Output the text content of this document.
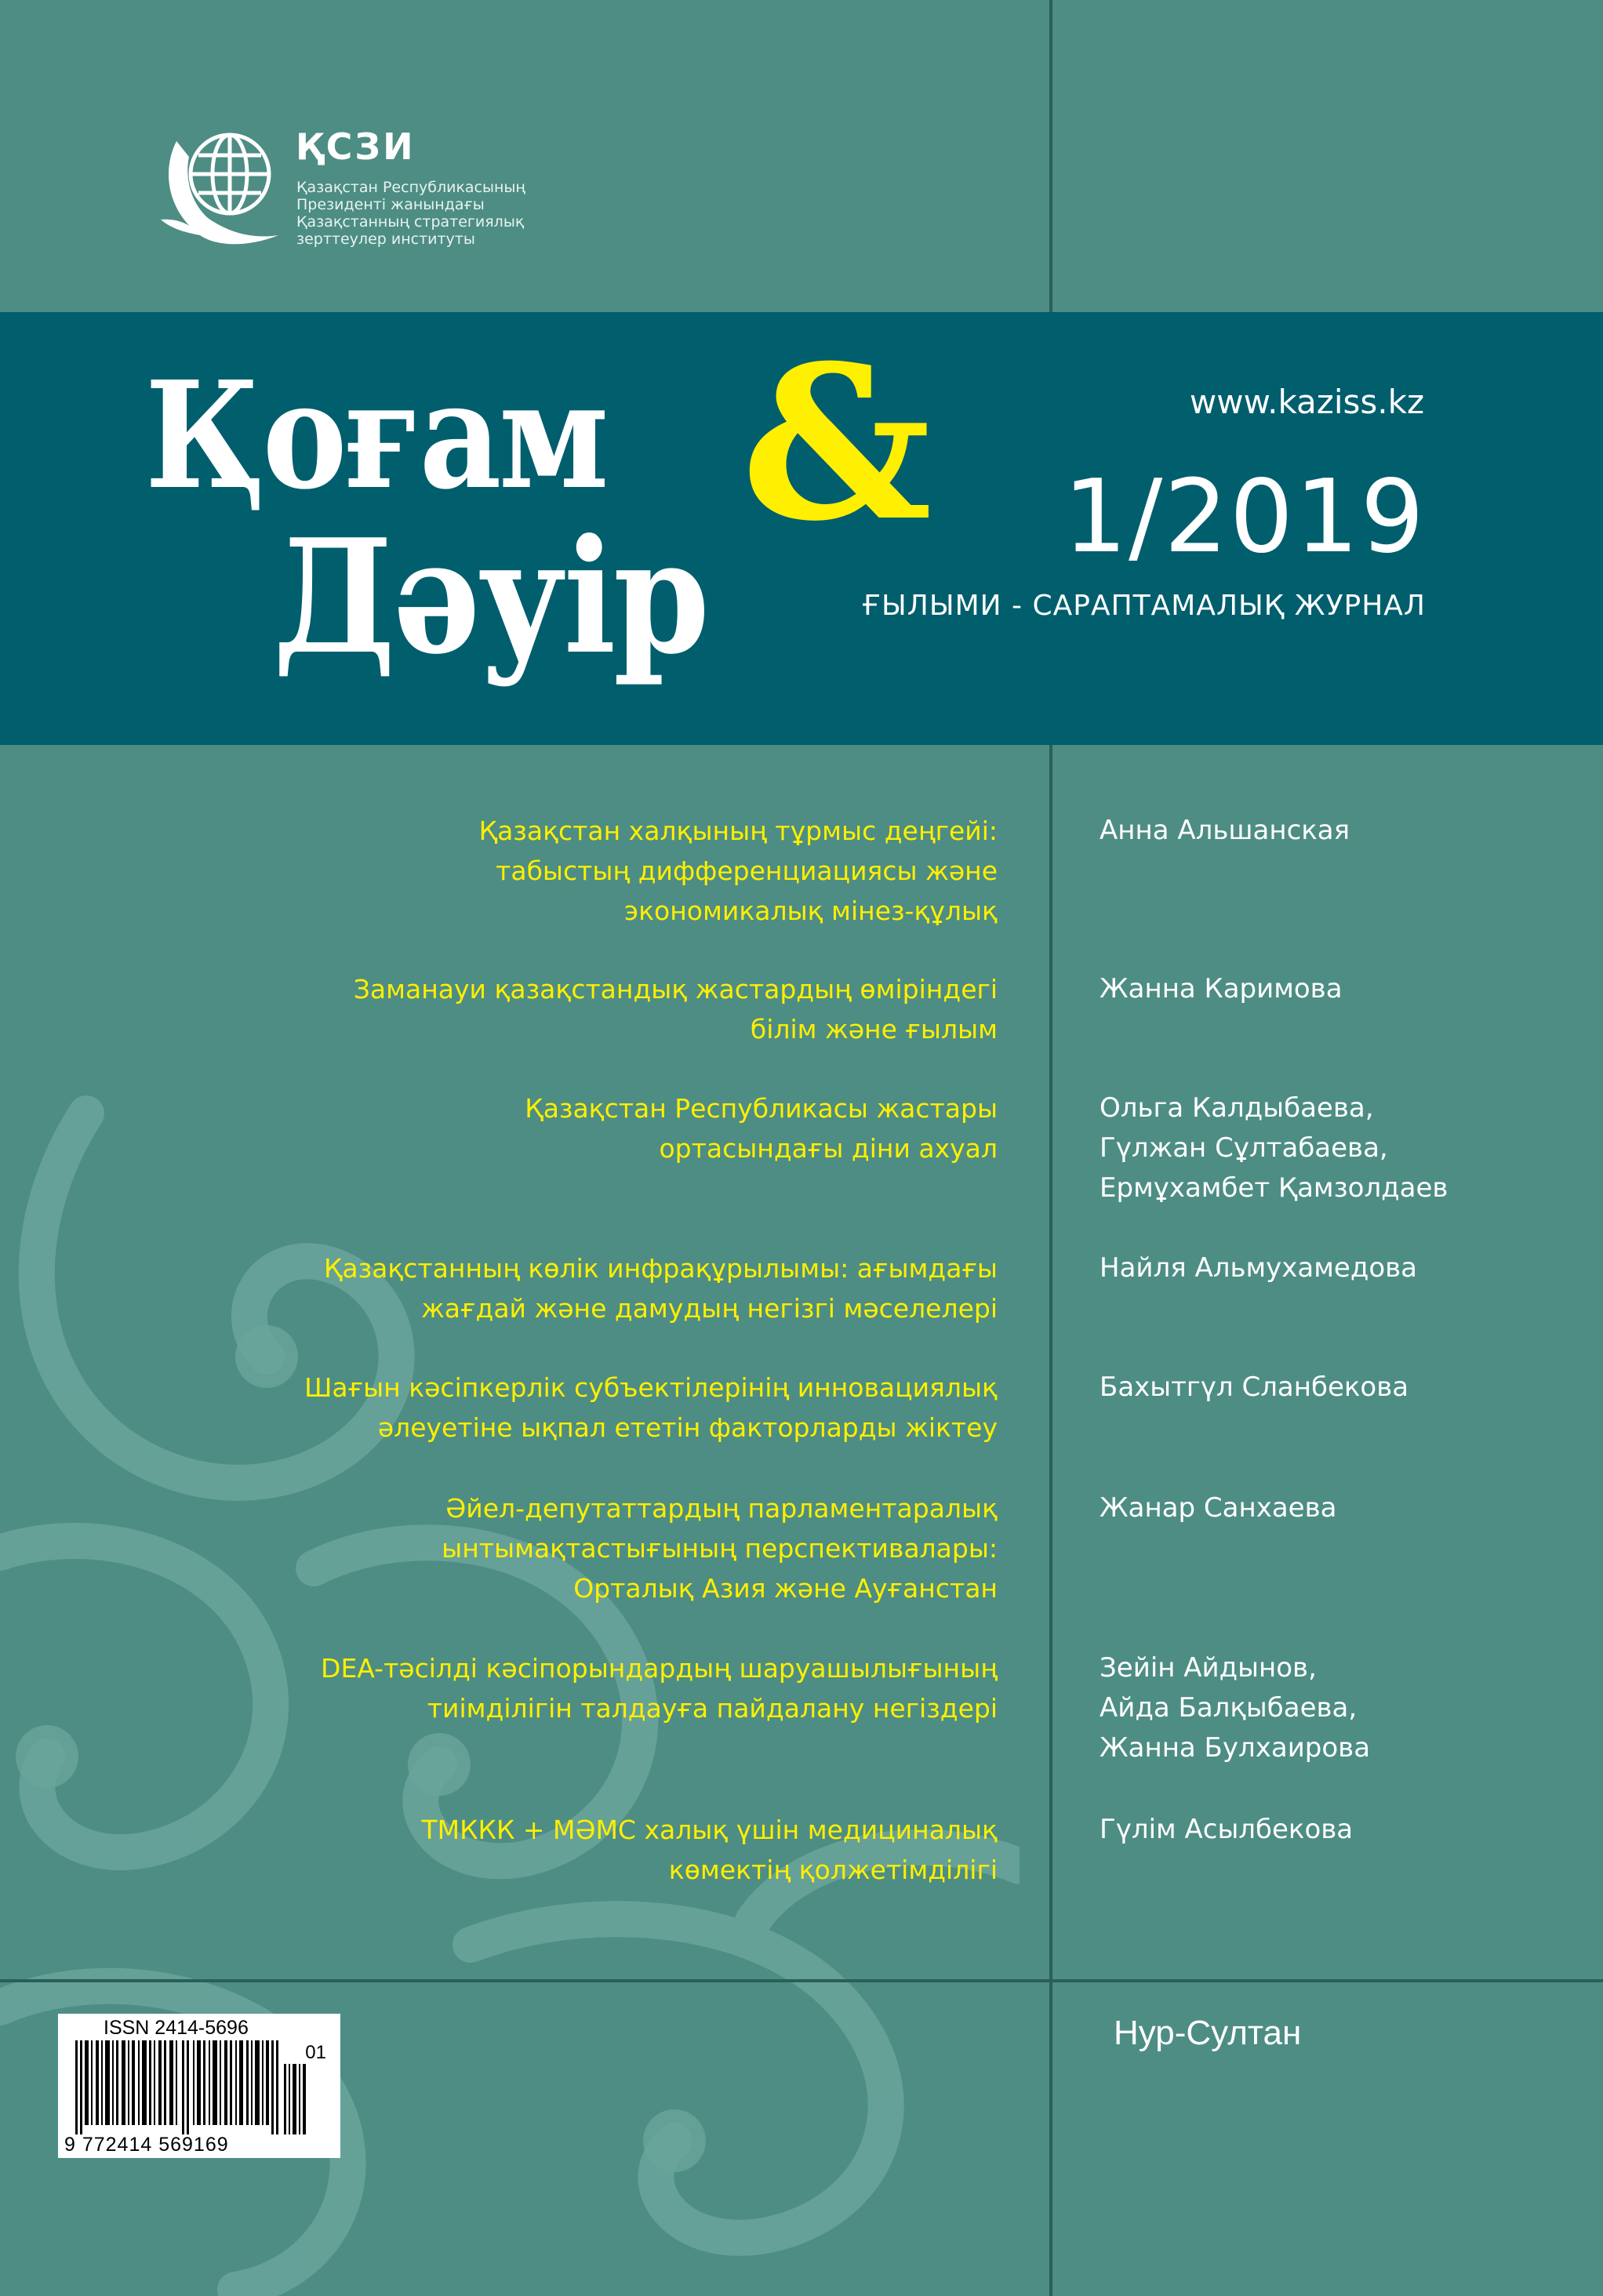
ҚСЗИ
Қазақстан Республикасының
Президенті жанындағы
Қазақстанның стратегиялық
зерттеулер институты
Қоғам &
Дәуір
www.kaziss.kz
1/2019
ҒЫЛЫМИ - САРАПТАМАЛЫҚ ЖУРНАЛ
Қазақстан халқының тұрмыс деңгейі:
табыстың дифференциациясы және
экономикалық мінез-құлық
Анна Альшанская
Заманауи қазақстандық жастардың өміріндегі
білім және ғылым
Жанна Каримова
Қазақстан Республикасы жастары
ортасындағы діни ахуал
Ольга Калдыбаева,
Гүлжан Сұлтабаева,
Ермұхамбет Қамзолдаев
Қазақстанның көлік инфрақұрылымы: ағымдағы
жағдай және дамудың негізгі мәселелері
Найля Альмухамедова
Шағын кәсіпкерлік субъектілерінің инновациялық
әлеуетіне ықпал ететін факторларды жіктеу
Бахытгүл Сланбекова
Әйел-депутаттардың парламентаралық
ынтымақтастығының перспективалары:
Орталық Азия және Ауғанстан
Жанар Санхаева
DEA-тәсілді кәсіпорындардың шаруашылығының
тиімділігін талдауға пайдалану негіздері
Зейін Айдынов,
Айда Балқыбаева,
Жанна Булхаирова
ТМККК + МӘМС халық үшін медициналық
көмектің қолжетімділігі
Гүлім Асылбекова
Нур-Султан
ISSN 2414-5696
01
9 772414 569169
